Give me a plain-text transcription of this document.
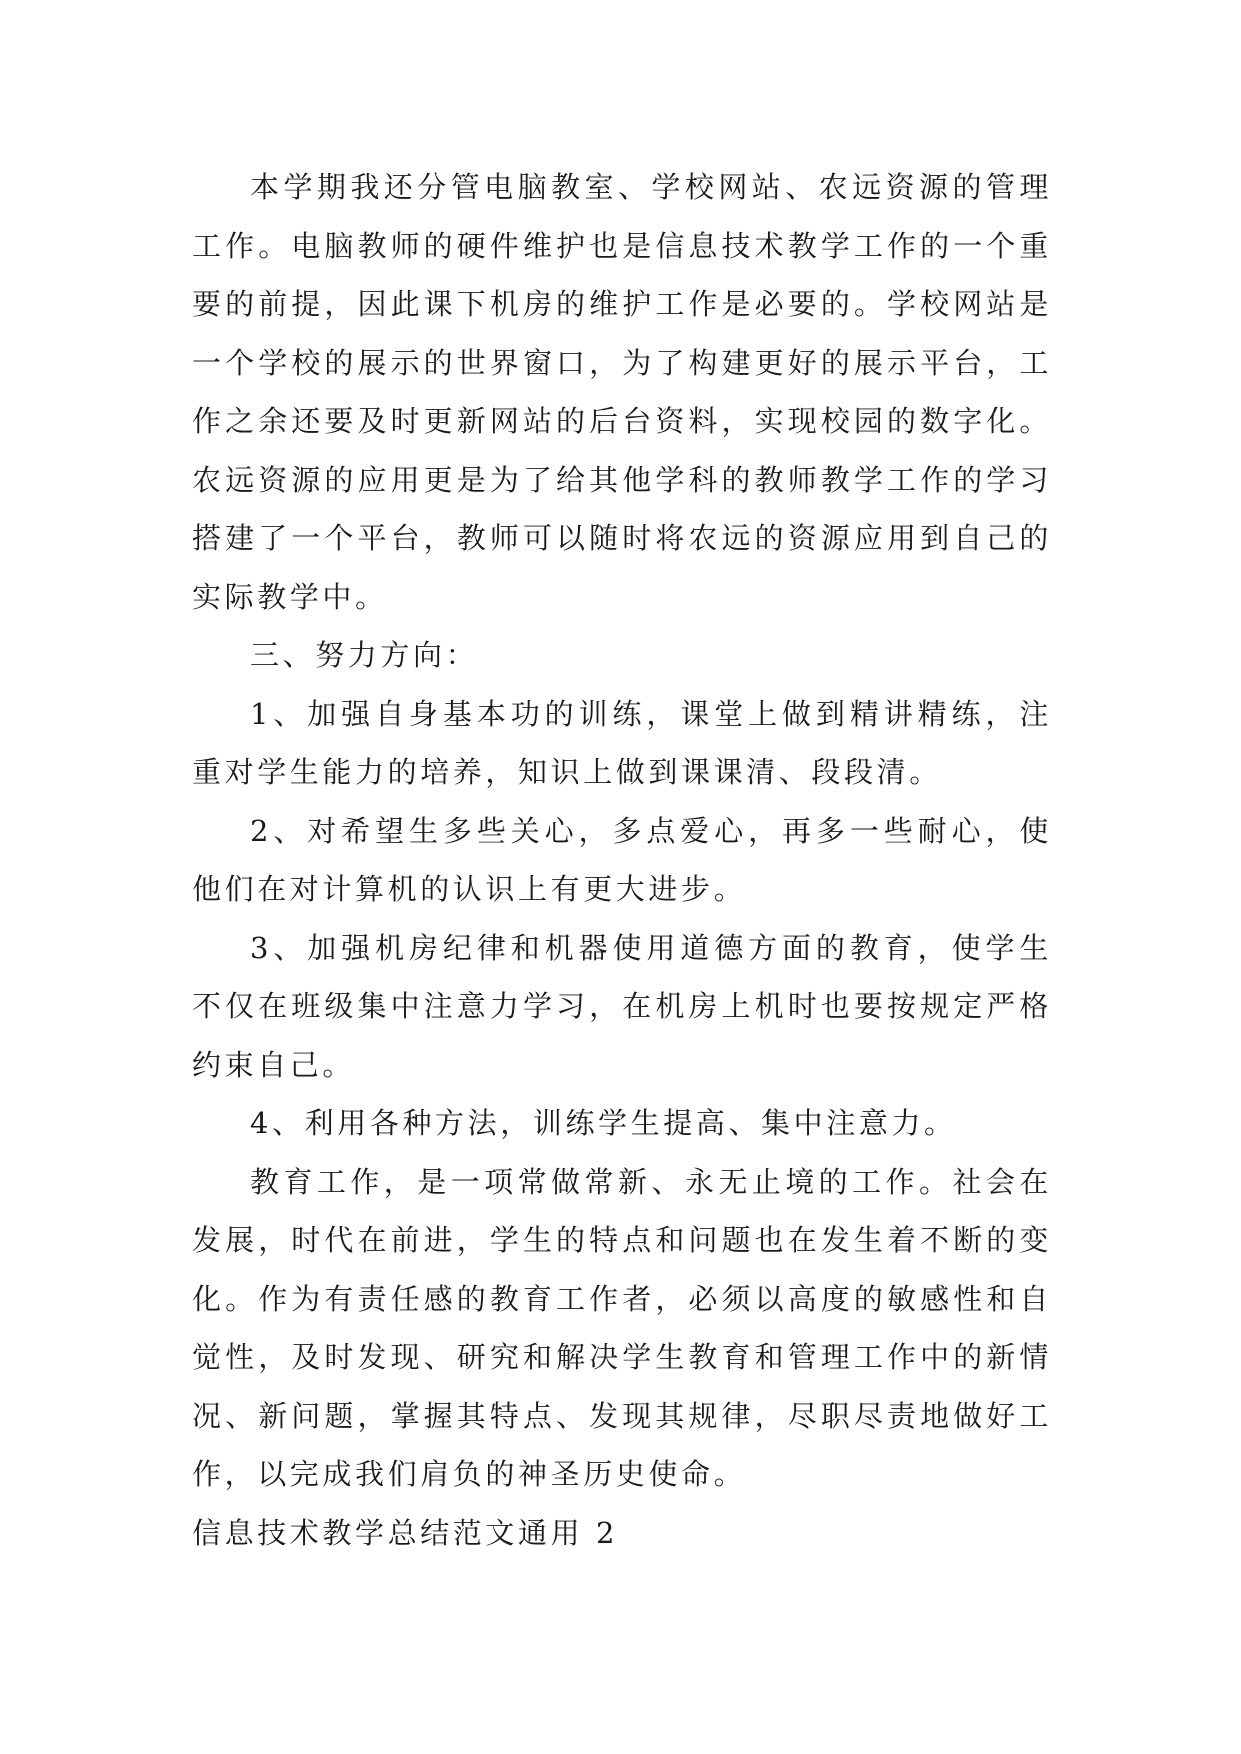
本学期我还分管电脑教室、学校网站、农远资源的管理工作。电脑教师的硬件维护也是信息技术教学工作的一个重要的前提，因此课下机房的维护工作是必要的。学校网站是一个学校的展示的世界窗口，为了构建更好的展示平台，工作之余还要及时更新网站的后台资料，实现校园的数字化。农远资源的应用更是为了给其他学科的教师教学工作的学习搭建了一个平台，教师可以随时将农远的资源应用到自己的实际教学中。

三、努力方向：

1、加强自身基本功的训练，课堂上做到精讲精练，注重对学生能力的培养，知识上做到课课清、段段清。

2、对希望生多些关心，多点爱心，再多一些耐心，使他们在对计算机的认识上有更大进步。

3、加强机房纪律和机器使用道德方面的教育，使学生不仅在班级集中注意力学习，在机房上机时也要按规定严格约束自己。

4、利用各种方法，训练学生提高、集中注意力。

教育工作，是一项常做常新、永无止境的工作。社会在发展，时代在前进，学生的特点和问题也在发生着不断的变化。作为有责任感的教育工作者，必须以高度的敏感性和自觉性，及时发现、研究和解决学生教育和管理工作中的新情况、新问题，掌握其特点、发现其规律，尽职尽责地做好工作，以完成我们肩负的神圣历史使命。

信息技术教学总结范文通用 2
